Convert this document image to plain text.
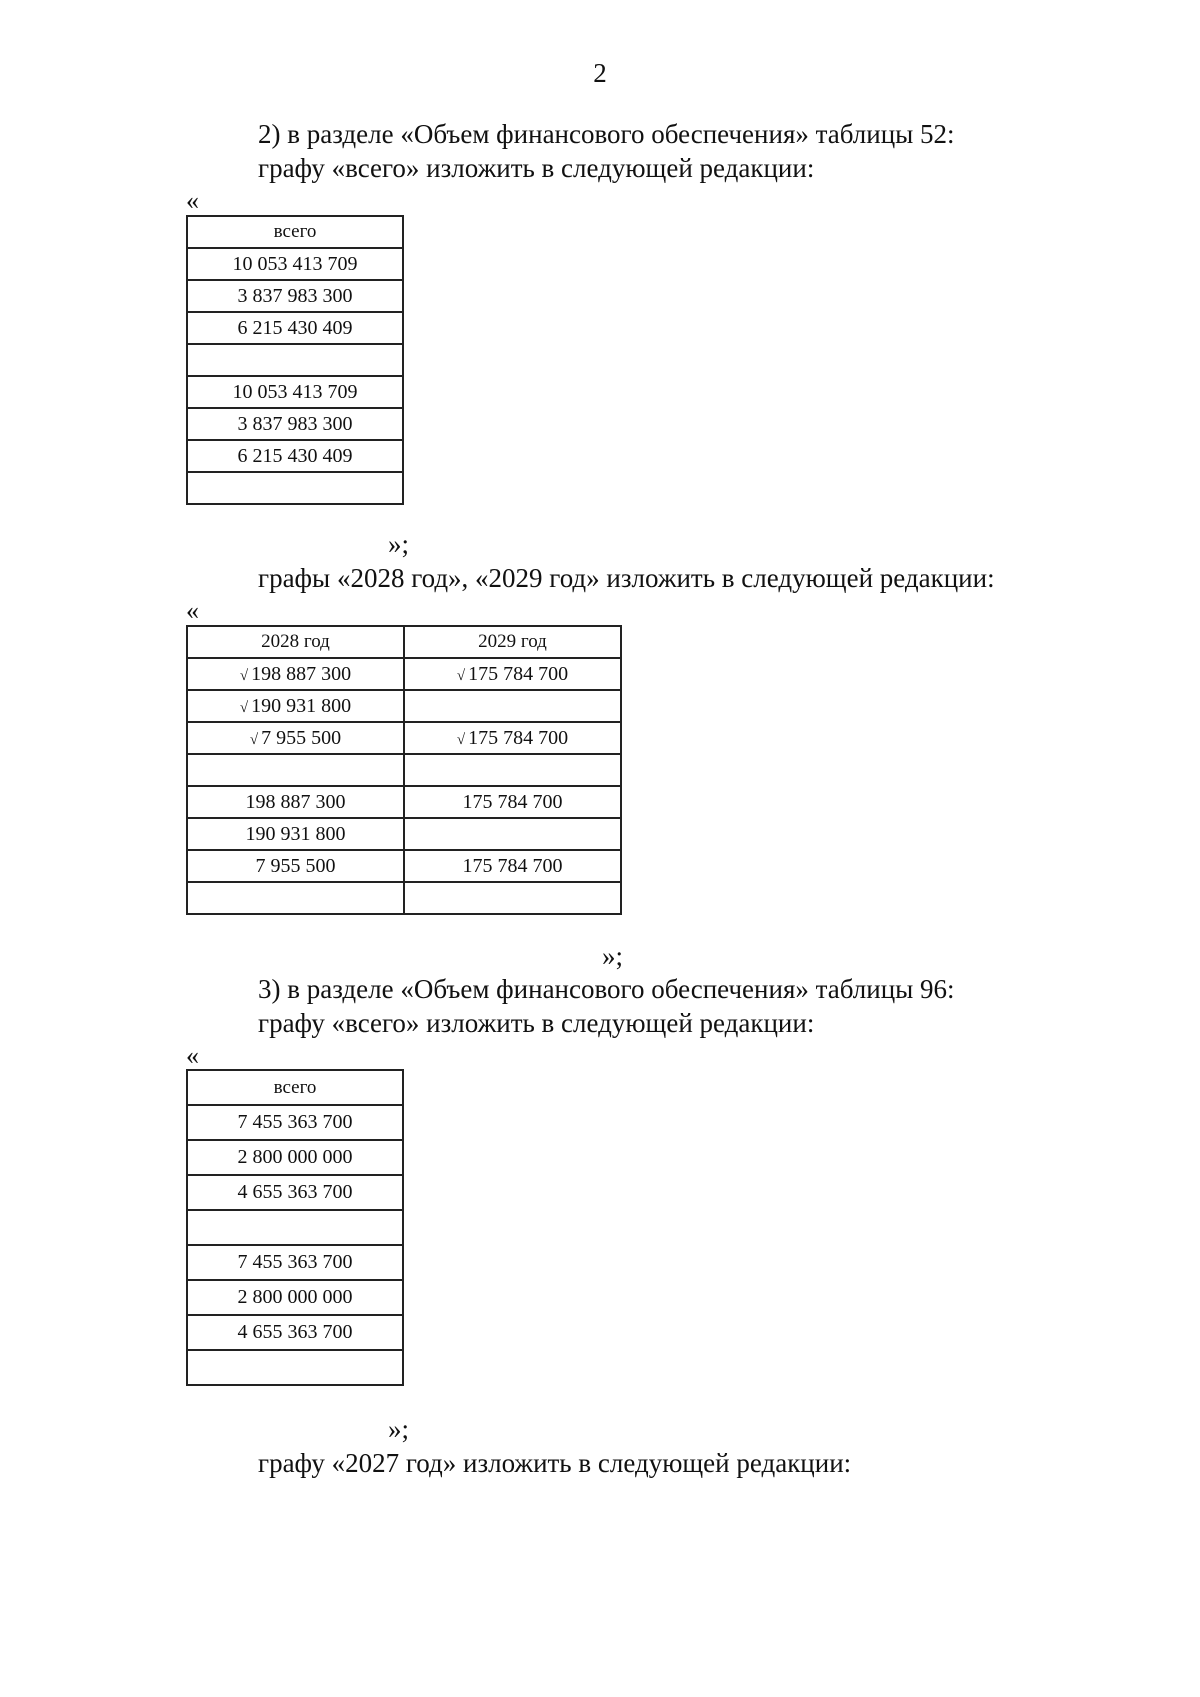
2
2) в разделе «Объем финансового обеспечения» таблицы 52:
графу «всего» изложить в следующей редакции:
«
всего
10 053 413 709
3 837 983 300
6 215 430 409

10 053 413 709
3 837 983 300
6 215 430 409

»;
графы «2028 год», «2029 год» изложить в следующей редакции:
«
2028 год	2029 год
√ 198 887 300	√ 175 784 700
√ 190 931 800	
√ 7 955 500	√ 175 784 700

198 887 300	175 784 700
190 931 800	
7 955 500	175 784 700

»;
3) в разделе «Объем финансового обеспечения» таблицы 96:
графу «всего» изложить в следующей редакции:
«
всего
7 455 363 700
2 800 000 000
4 655 363 700

7 455 363 700
2 800 000 000
4 655 363 700

»;
графу «2027 год» изложить в следующей редакции:
